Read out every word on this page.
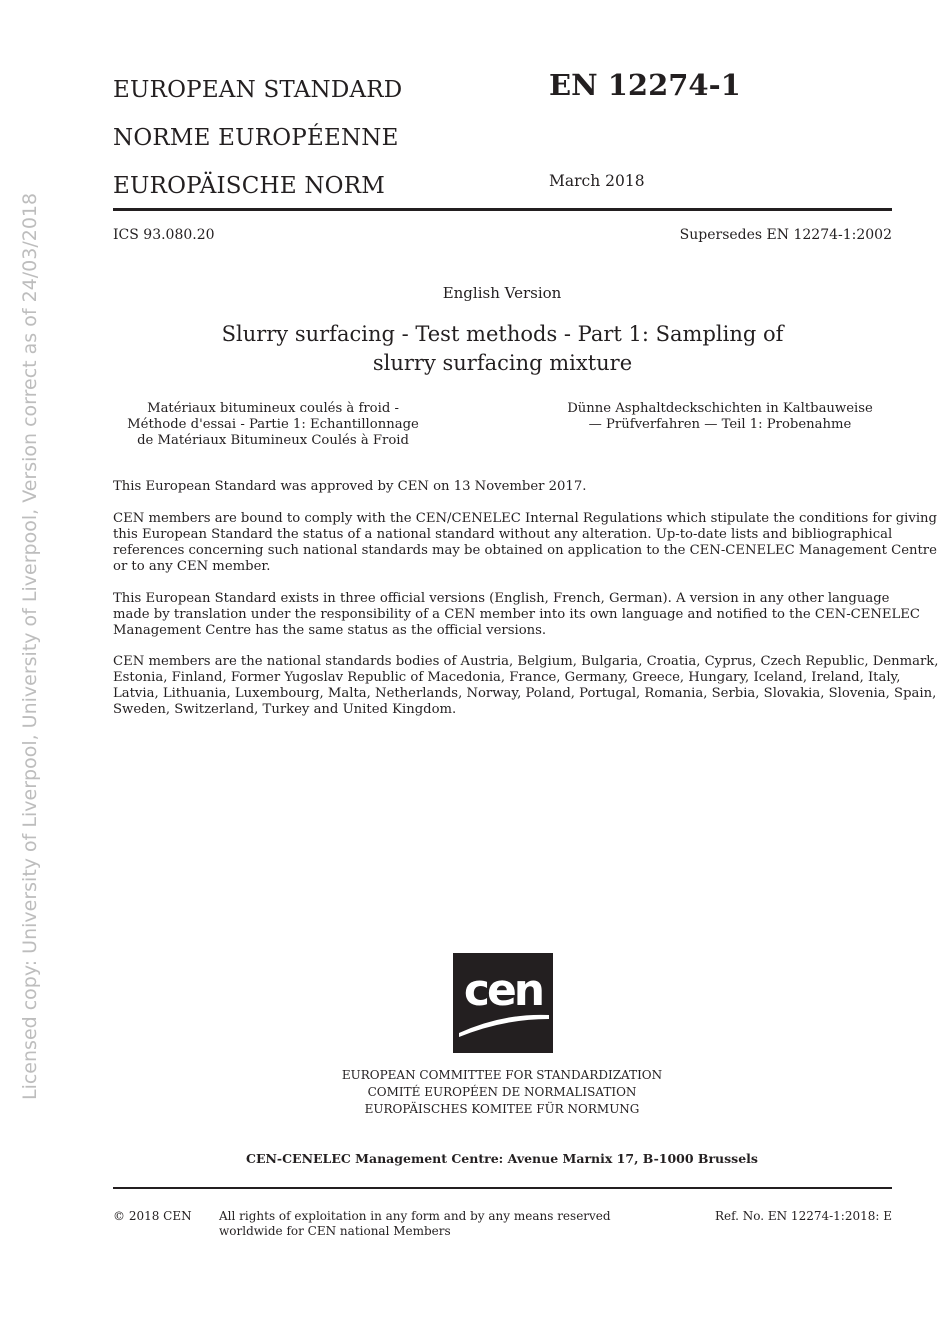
EUROPEAN STANDARD
NORME EUROPÉENNE
EUROPÄISCHE NORM
EN 12274-1
March 2018
ICS 93.080.20	Supersedes EN 12274-1:2002
English Version
Slurry surfacing - Test methods - Part 1: Sampling of
slurry surfacing mixture
Matériaux bitumineux coulés à froid -
Méthode d'essai - Partie 1: Echantillonnage
de Matériaux Bitumineux Coulés à Froid
Dünne Asphaltdeckschichten in Kaltbauweise
— Prüfverfahren — Teil 1: Probenahme
This European Standard was approved by CEN on 13 November 2017.
CEN members are bound to comply with the CEN/CENELEC Internal Regulations which stipulate the conditions for giving
this European Standard the status of a national standard without any alteration. Up-to-date lists and bibliographical
references concerning such national standards may be obtained on application to the CEN-CENELEC Management Centre
or to any CEN member.
This European Standard exists in three official versions (English, French, German). A version in any other language
made by translation under the responsibility of a CEN member into its own language and notified to the CEN-CENELEC
Management Centre has the same status as the official versions.
CEN members are the national standards bodies of Austria, Belgium, Bulgaria, Croatia, Cyprus, Czech Republic, Denmark,
Estonia, Finland, Former Yugoslav Republic of Macedonia, France, Germany, Greece, Hungary, Iceland, Ireland, Italy,
Latvia, Lithuania, Luxembourg, Malta, Netherlands, Norway, Poland, Portugal, Romania, Serbia, Slovakia, Slovenia, Spain,
Sweden, Switzerland, Turkey and United Kingdom.
Licensed copy: University of Liverpool, University of Liverpool, Version correct as of 24/03/2018	cen
EUROPEAN COMMITTEE FOR STANDARDIZATION
COMITÉ EUROPÉEN DE NORMALISATION
EUROPÄISCHES KOMITEE FÜR NORMUNG
CEN-CENELEC Management Centre: Avenue Marnix 17, B-1000 Brussels
© 2018 CEN All rights of exploitation in any form and by any means reserved
worldwide for CEN national Members
Ref. No. EN 12274-1:2018: E
